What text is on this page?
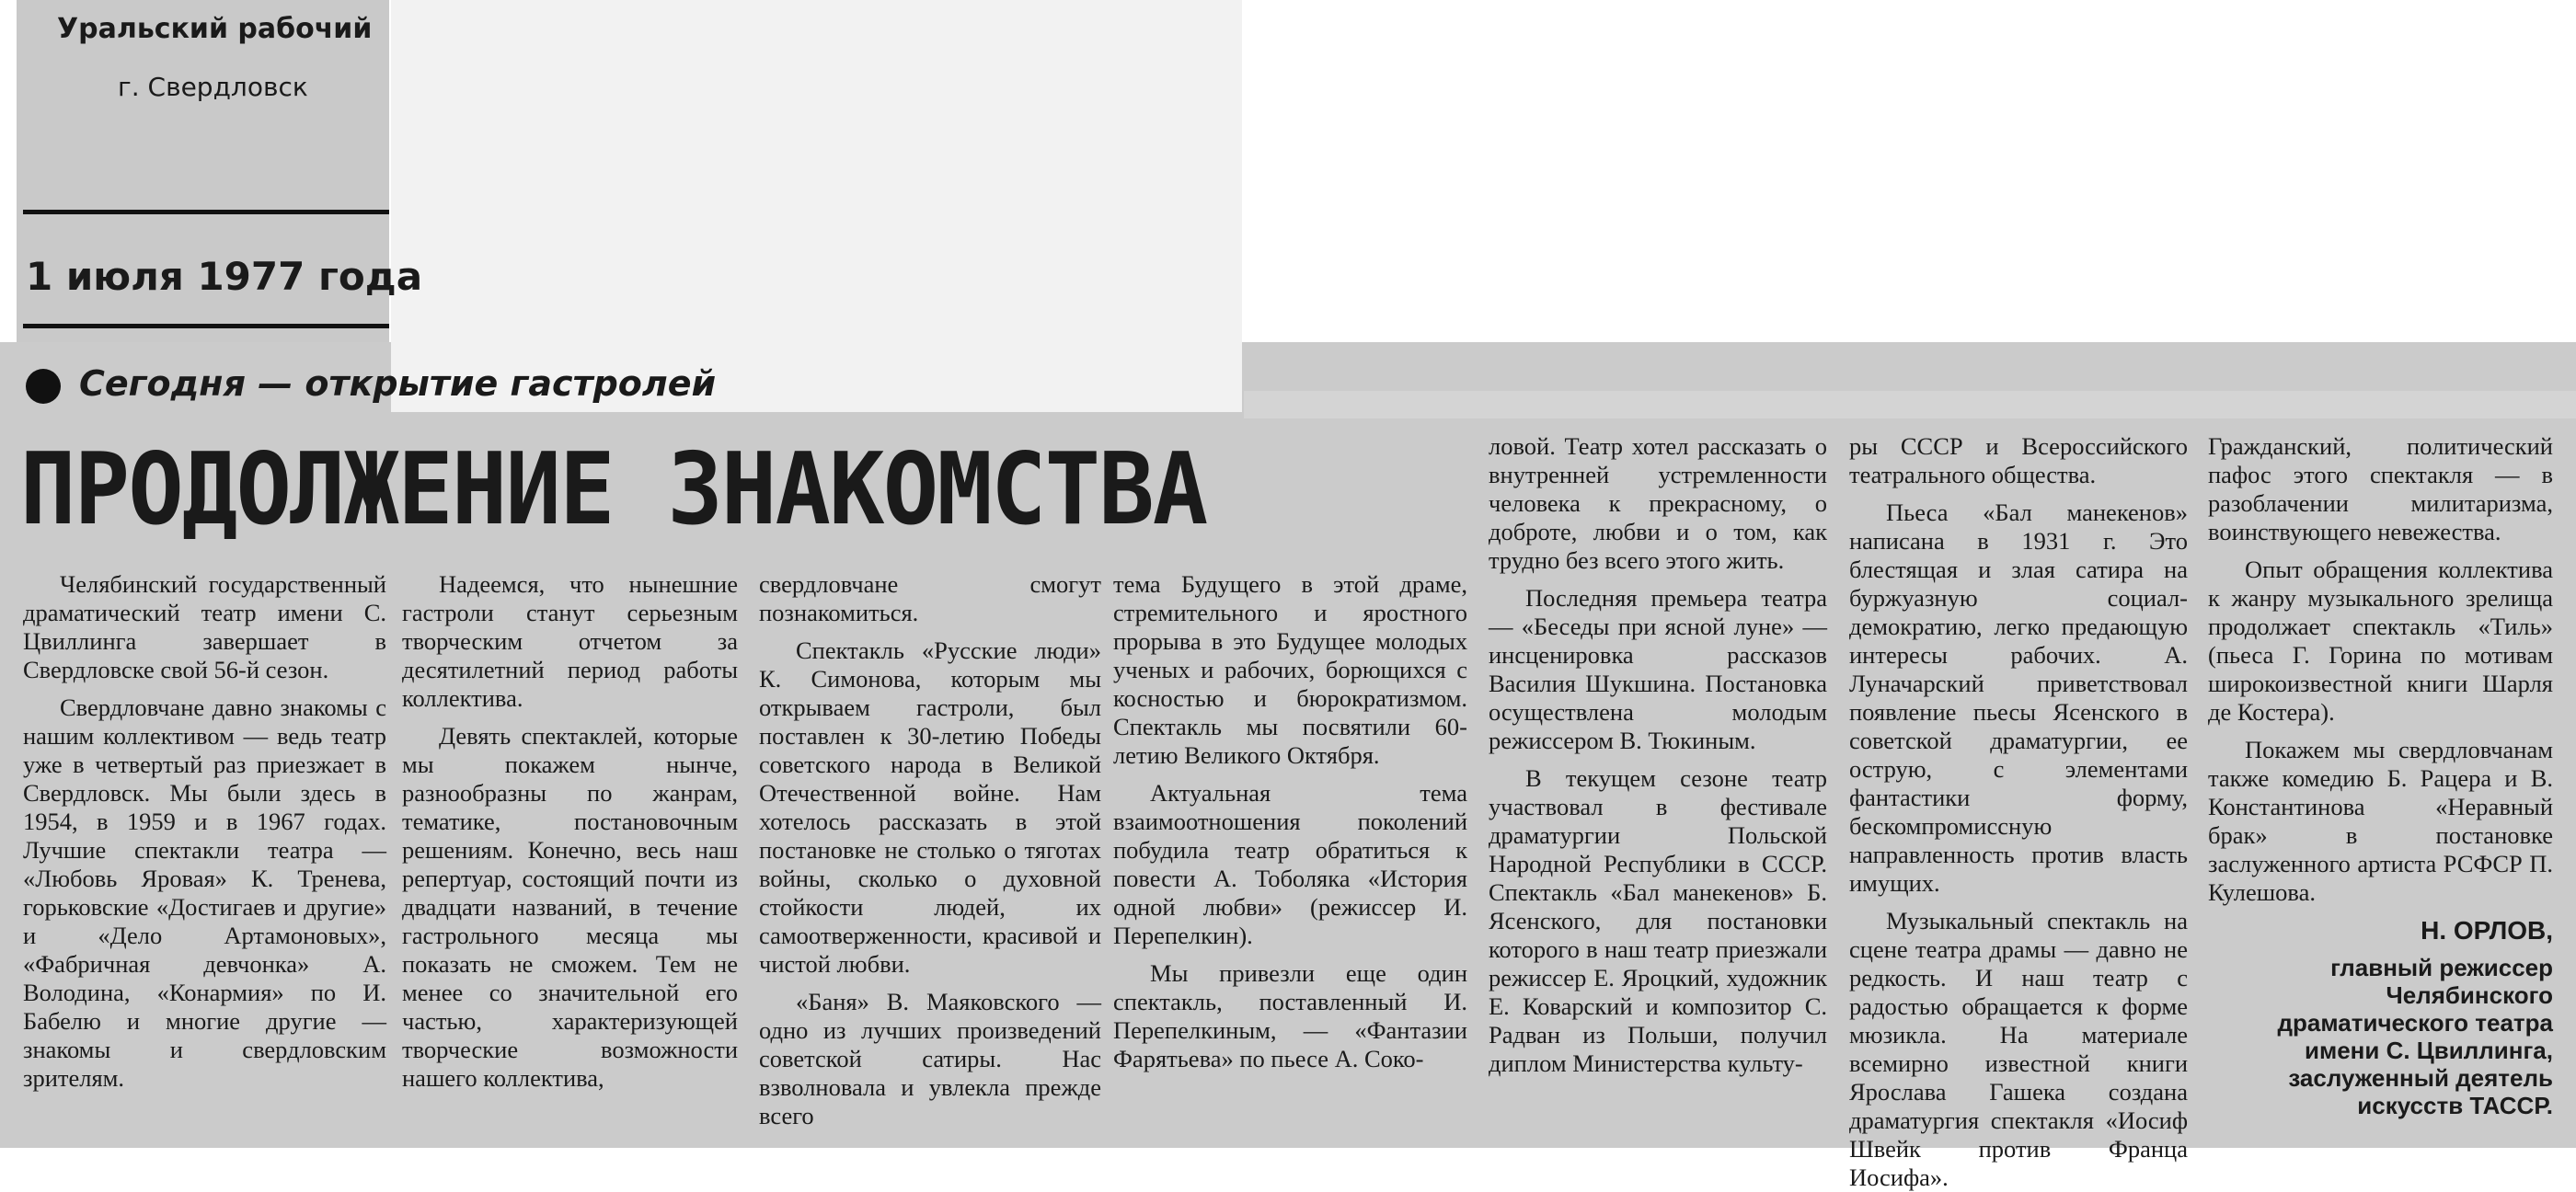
Уральский рабочий
г. Свердловск
1 июля 1977 года
Сегодня — открытие гастролей
ПРОДОЛЖЕНИЕ ЗНАКОМСТВА

Челябинский государственный драматический театр имени С. Цвиллинга завершает в Свердловске свой 56-й сезон.

Свердловчане давно знакомы с нашим коллективом — ведь театр уже в четвертый раз приезжает в Свердловск. Мы были здесь в 1954, в 1959 и в 1967 годах. Лучшие спектакли театра — «Любовь Яровая» К. Тренева, горьковские «Достигаев и другие» и «Дело Артамоновых», «Фабричная девчонка» А. Володина, «Конармия» по И. Бабелю и многие другие — знакомы и свердловским зрителям.

Надеемся, что нынешние гастроли станут серьезным творческим отчетом за десятилетний период работы коллектива.

Девять спектаклей, которые мы покажем нынче, разнообразны по жанрам, тематике, постановочным решениям. Конечно, весь наш репертуар, состоящий почти из двадцати названий, в течение гастрольного месяца мы показать не сможем. Тем не менее со значительной его частью, характеризующей творческие возможности нашего коллектива,

свердловчане смогут познакомиться.

Спектакль «Русские люди» К. Симонова, которым мы открываем гастроли, был поставлен к 30-летию Победы советского народа в Великой Отечественной войне. Нам хотелось рассказать в этой постановке не столько о тяготах войны, сколько о духовной стойкости людей, их самоотверженности, красивой и чистой любви.

«Баня» В. Маяковского — одно из лучших произведений советской сатиры. Нас взволновала и увлекла прежде всего

тема Будущего в этой драме, стремительного и яростного прорыва в это Будущее молодых ученых и рабочих, борющихся с косностью и бюрократизмом. Спектакль мы посвятили 60-летию Великого Октября.

Актуальная тема взаимоотношения поколений побудила театр обратиться к повести А. Тоболяка «История одной любви» (режиссер И. Перепелкин).

Мы привезли еще один спектакль, поставленный И. Перепелкиным, — «Фантазии Фарятьева» по пьесе А. Соко-

ловой. Театр хотел рассказать о внутренней устремленности человека к прекрасному, о доброте, любви и о том, как трудно без всего этого жить.

Последняя премьера театра — «Беседы при ясной луне» — инсценировка рассказов Василия Шукшина. Постановка осуществлена молодым режиссером В. Тюкиным.

В текущем сезоне театр участвовал в фестивале драматургии Польской Народной Республики в СССР. Спектакль «Бал манекенов» Б. Ясенского, для постановки которого в наш театр приезжали режиссер Е. Яроцкий, художник Е. Коварский и композитор С. Радван из Польши, получил диплом Министерства культу-

ры СССР и Всероссийского театрального общества.

Пьеса «Бал манекенов» написана в 1931 г. Это блестящая и злая сатира на буржуазную социал-демократию, легко предающую интересы рабочих. А. Луначарский приветствовал появление пьесы Ясенского в советской драматургии, ее острую, с элементами фантастики форму, бескомпромиссную направленность против власть имущих.

Музыкальный спектакль на сцене театра драмы — давно не редкость. И наш театр с радостью обращается к форме мюзикла. На материале всемирно известной книги Ярослава Гашека создана драматургия спектакля «Иосиф Швейк против Франца Иосифа».

Гражданский, политический пафос этого спектакля — в разоблачении милитаризма, воинствующего невежества.

Опыт обращения коллектива к жанру музыкального зрелища продолжает спектакль «Тиль» (пьеса Г. Горина по мотивам широкоизвестной книги Шарля де Костера).

Покажем мы свердловчанам также комедию Б. Рацера и В. Константинова «Неравный брак» в постановке заслуженного артиста РСФСР П. Кулешова.

Н. ОРЛОВ,

главный режиссер Челябинского драматического театра имени С. Цвиллинга, заслуженный деятель искусств ТАССР.
